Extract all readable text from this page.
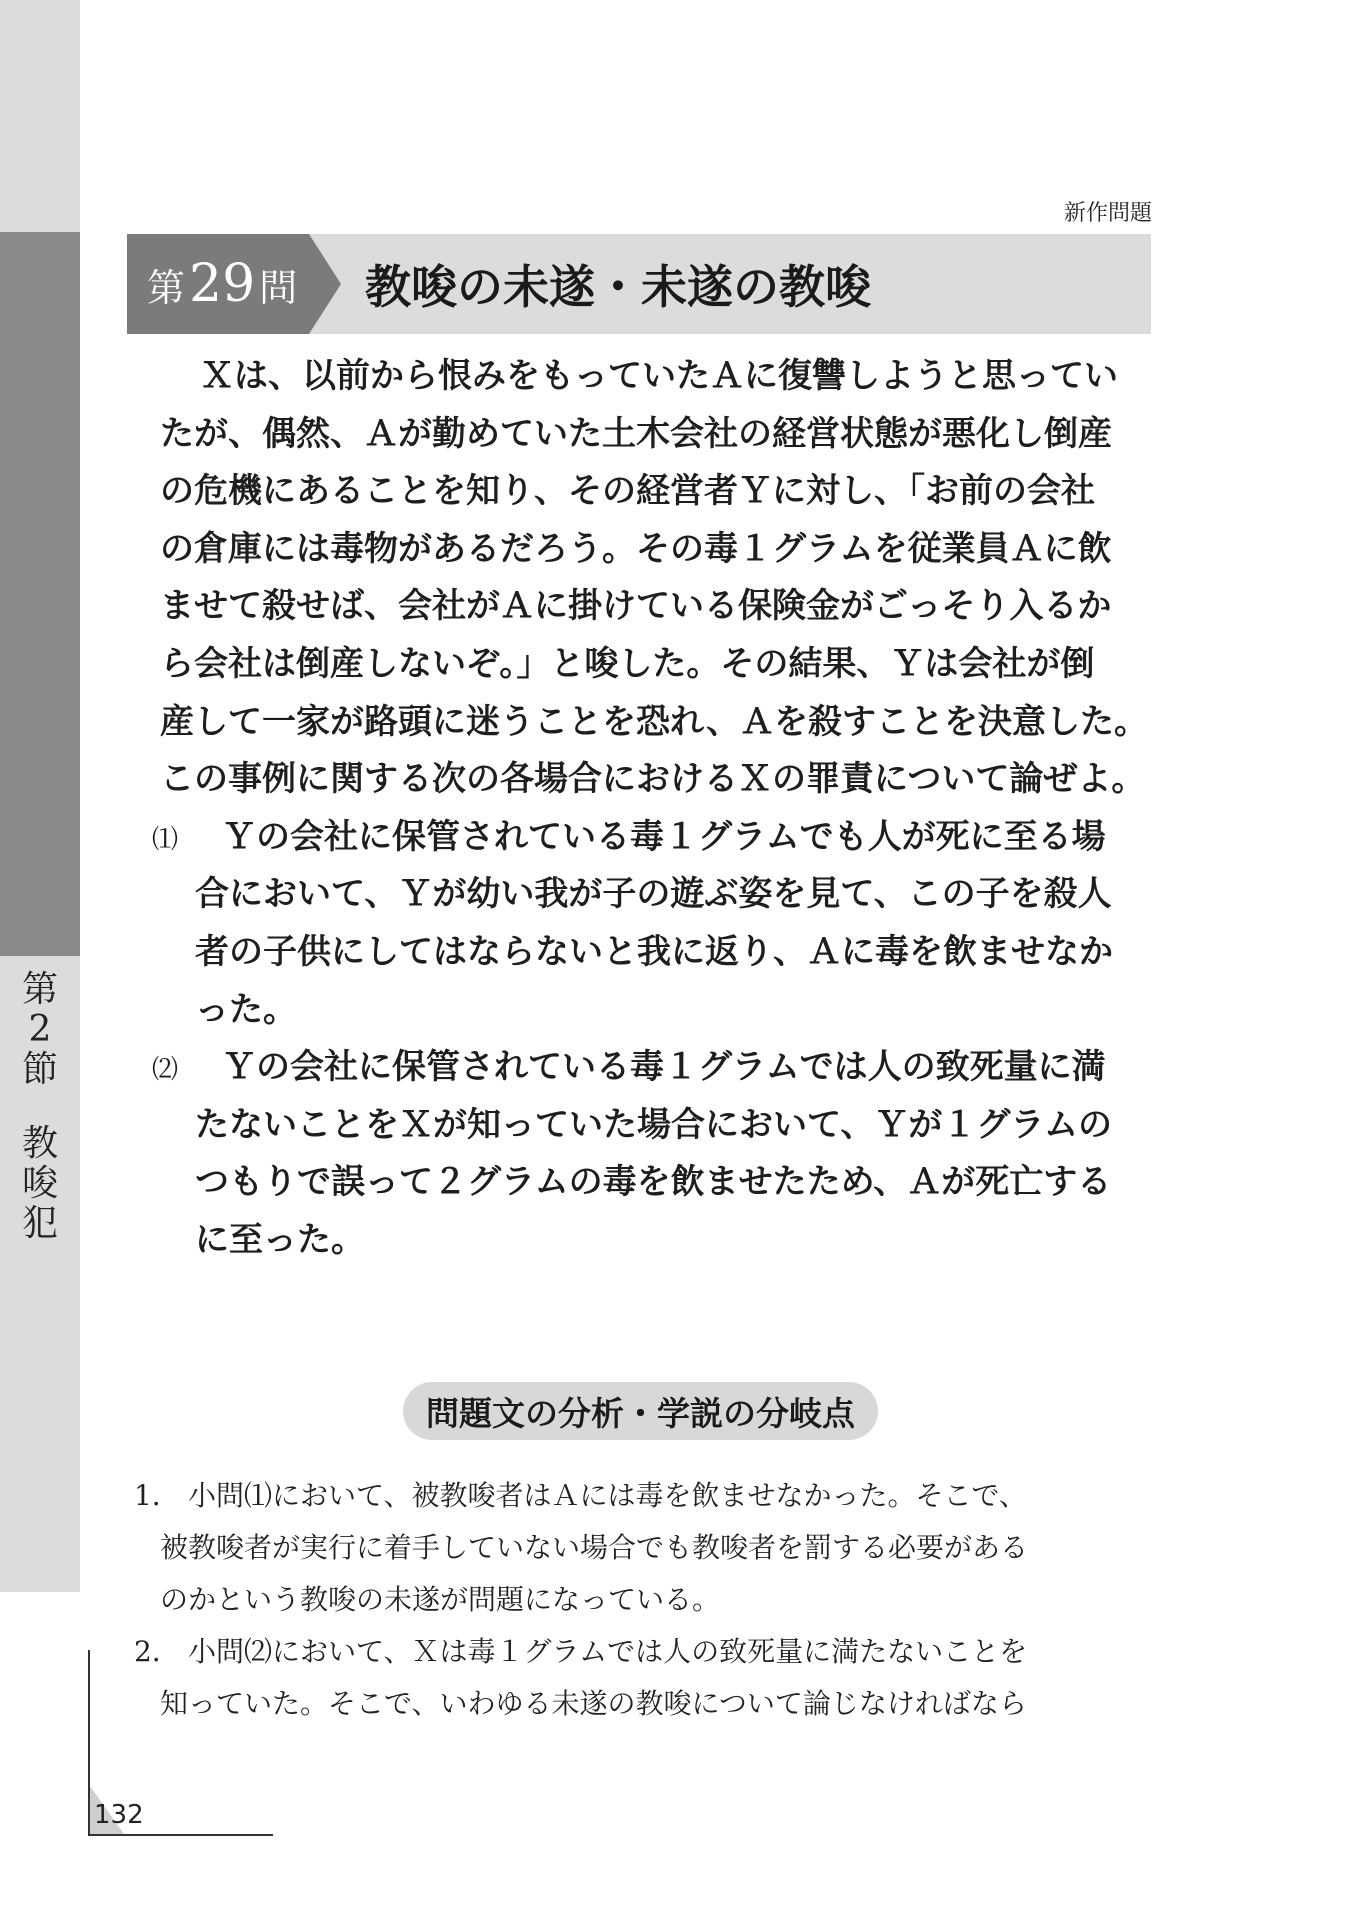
第
2
節
教
唆
犯
新作問題
第 29 問 教唆の未遂・未遂の教唆
Ｘは、以前から恨みをもっていたＡに復讐しようと思ってい
たが、偶然、Ａが勤めていた土木会社の経営状態が悪化し倒産
の危機にあることを知り、その経営者Ｙに対し、「お前の会社
の倉庫には毒物があるだろう。その毒１グラムを従業員Ａに飲
ませて殺せば、会社がＡに掛けている保険金がごっそり入るか
ら会社は倒産しないぞ。」と唆した。その結果、Ｙは会社が倒
産して一家が路頭に迷うことを恐れ、Ａを殺すことを決意した。
この事例に関する次の各場合におけるＸの罪責について論ぜよ。
⑴ Ｙの会社に保管されている毒１グラムでも人が死に至る場
合において、Ｙが幼い我が子の遊ぶ姿を見て、この子を殺人
者の子供にしてはならないと我に返り、Ａに毒を飲ませなか
った。
⑵ Ｙの会社に保管されている毒１グラムでは人の致死量に満
たないことをＸが知っていた場合において、Ｙが１グラムの
つもりで誤って２グラムの毒を飲ませたため、Ａが死亡する
に至った。
問題文の分析・学説の分岐点
1． 小問⑴において、被教唆者はＡには毒を飲ませなかった。そこで、
被教唆者が実行に着手していない場合でも教唆者を罰する必要がある
のかという教唆の未遂が問題になっている。
2． 小問⑵において、Ｘは毒１グラムでは人の致死量に満たないことを
知っていた。そこで、いわゆる未遂の教唆について論じなければなら
132
